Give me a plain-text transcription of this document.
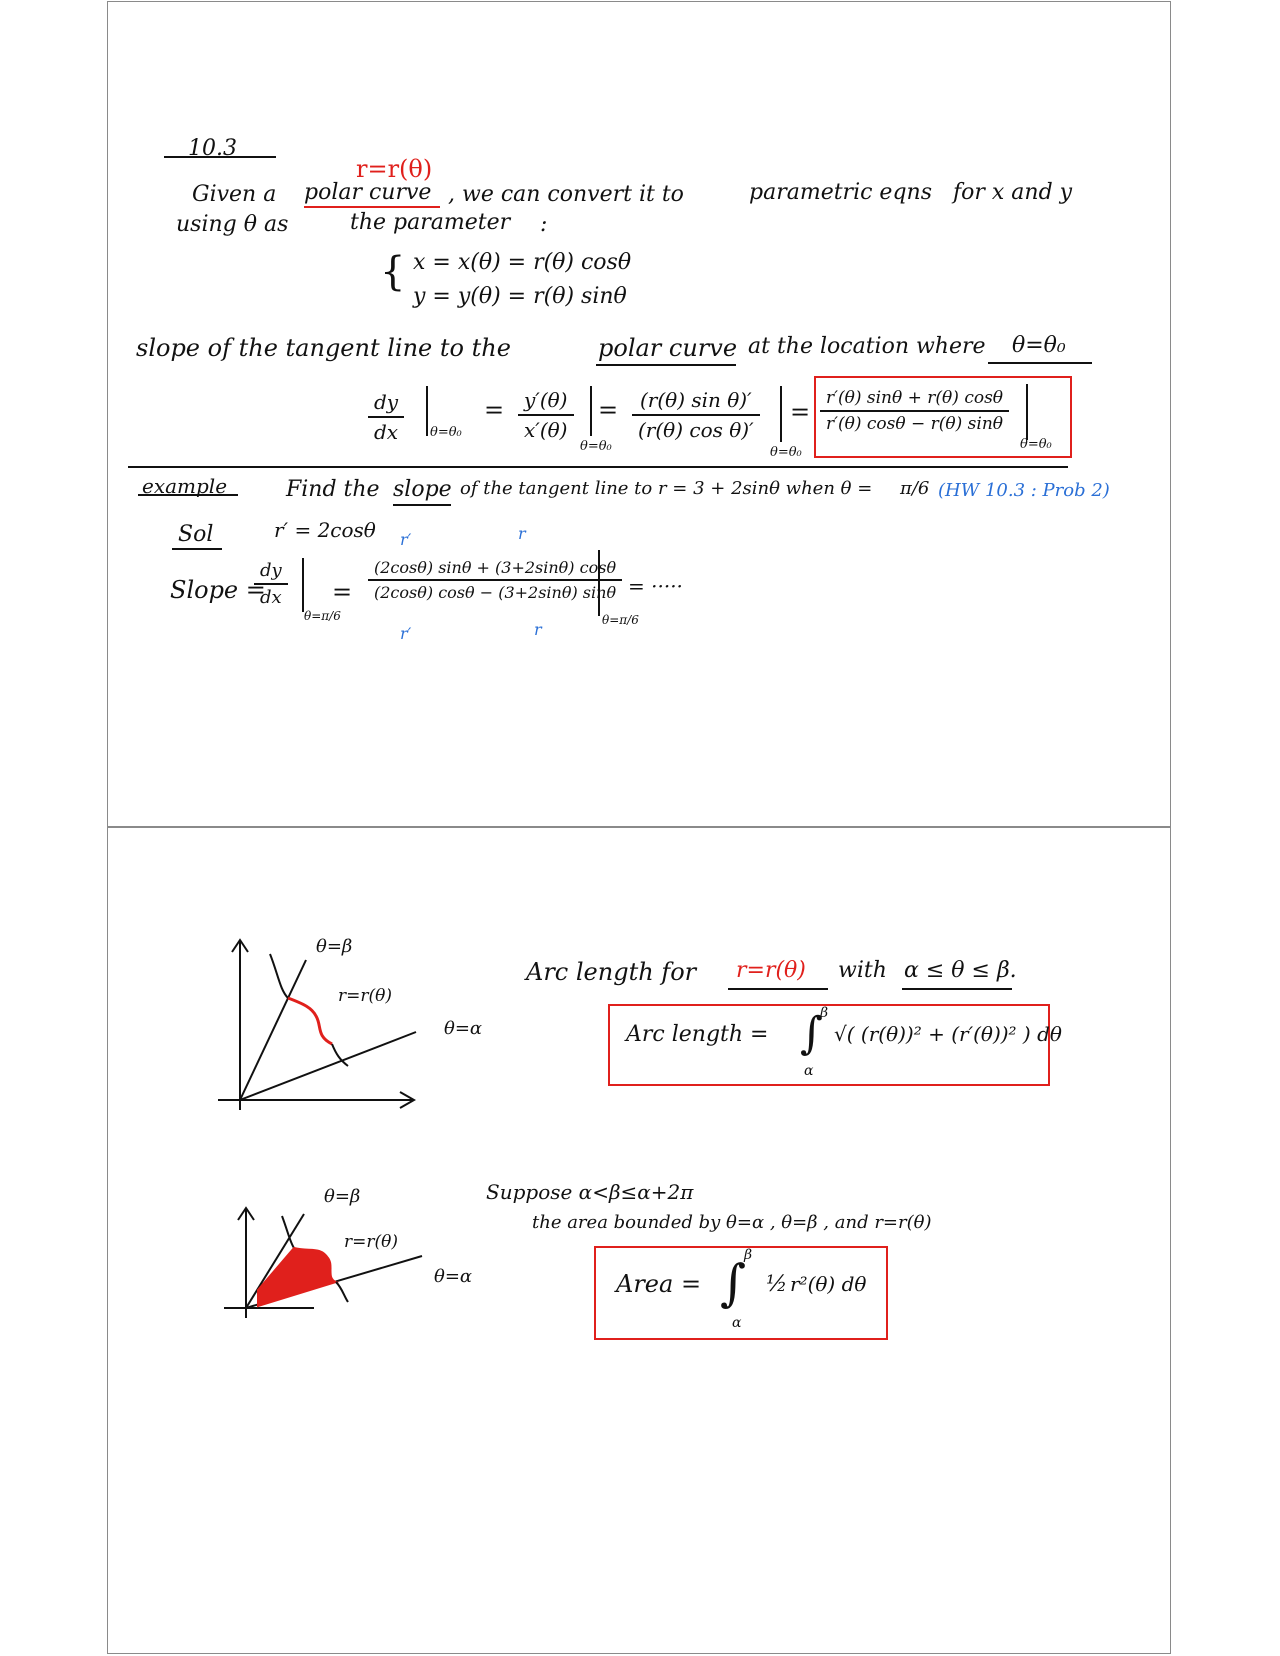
10.3
r=r(θ)
Given a polar curve , we can convert it to	parametric eqns for x and y
using θ as	the parameter :
{ x = x(θ) = r(θ) cosθ
y = y(θ) = r(θ) sinθ
slope of the tangent line to the	polar curve at the location where θ=θ₀
$\frac{dy}{dx} \theta=\theta_0$
= $\frac{y'(\theta)}{x'(\theta)}$
θ=θ₀
= $\frac{\text{(r(θ) sin θ)′}}{\text{(r(θ) cos θ)′}}$
θ=θ₀
= $\frac{r'(\theta) \sin\theta + r(\theta) \cos\theta}{r'(\theta) \cos\theta - r(\theta) \sin\theta}$
θ=θ₀
example	Find the slope of the tangent line to r = 3 + 2sinθ when θ = π/6 (HW 10.3 : Prob 2)
Sol	r′ = 2cosθ
Slope =
$\frac{dy}{dx}$
θ=π/6
=
r′	r
$\frac{(2\cos\theta) \sin\theta + (3+2\sin\theta) \cos\theta}{(2\cos\theta) \cos\theta - (3+2\sin\theta) \sin\theta}$
r′	r	θ=π/6
= ·····
θ=β
r=r(θ)
θ=α
Arc length for r=r(θ) with α ≤ θ ≤ β.
Arc length = ∫
β
α
√( (r(θ))² + (r′(θ))² ) dθ
θ=β
r=r(θ)
θ=α
Suppose α<β≤α+2π
the area bounded by θ=α , θ=β , and r=r(θ)
Area = ∫
β
α
½ r²(θ) dθ
